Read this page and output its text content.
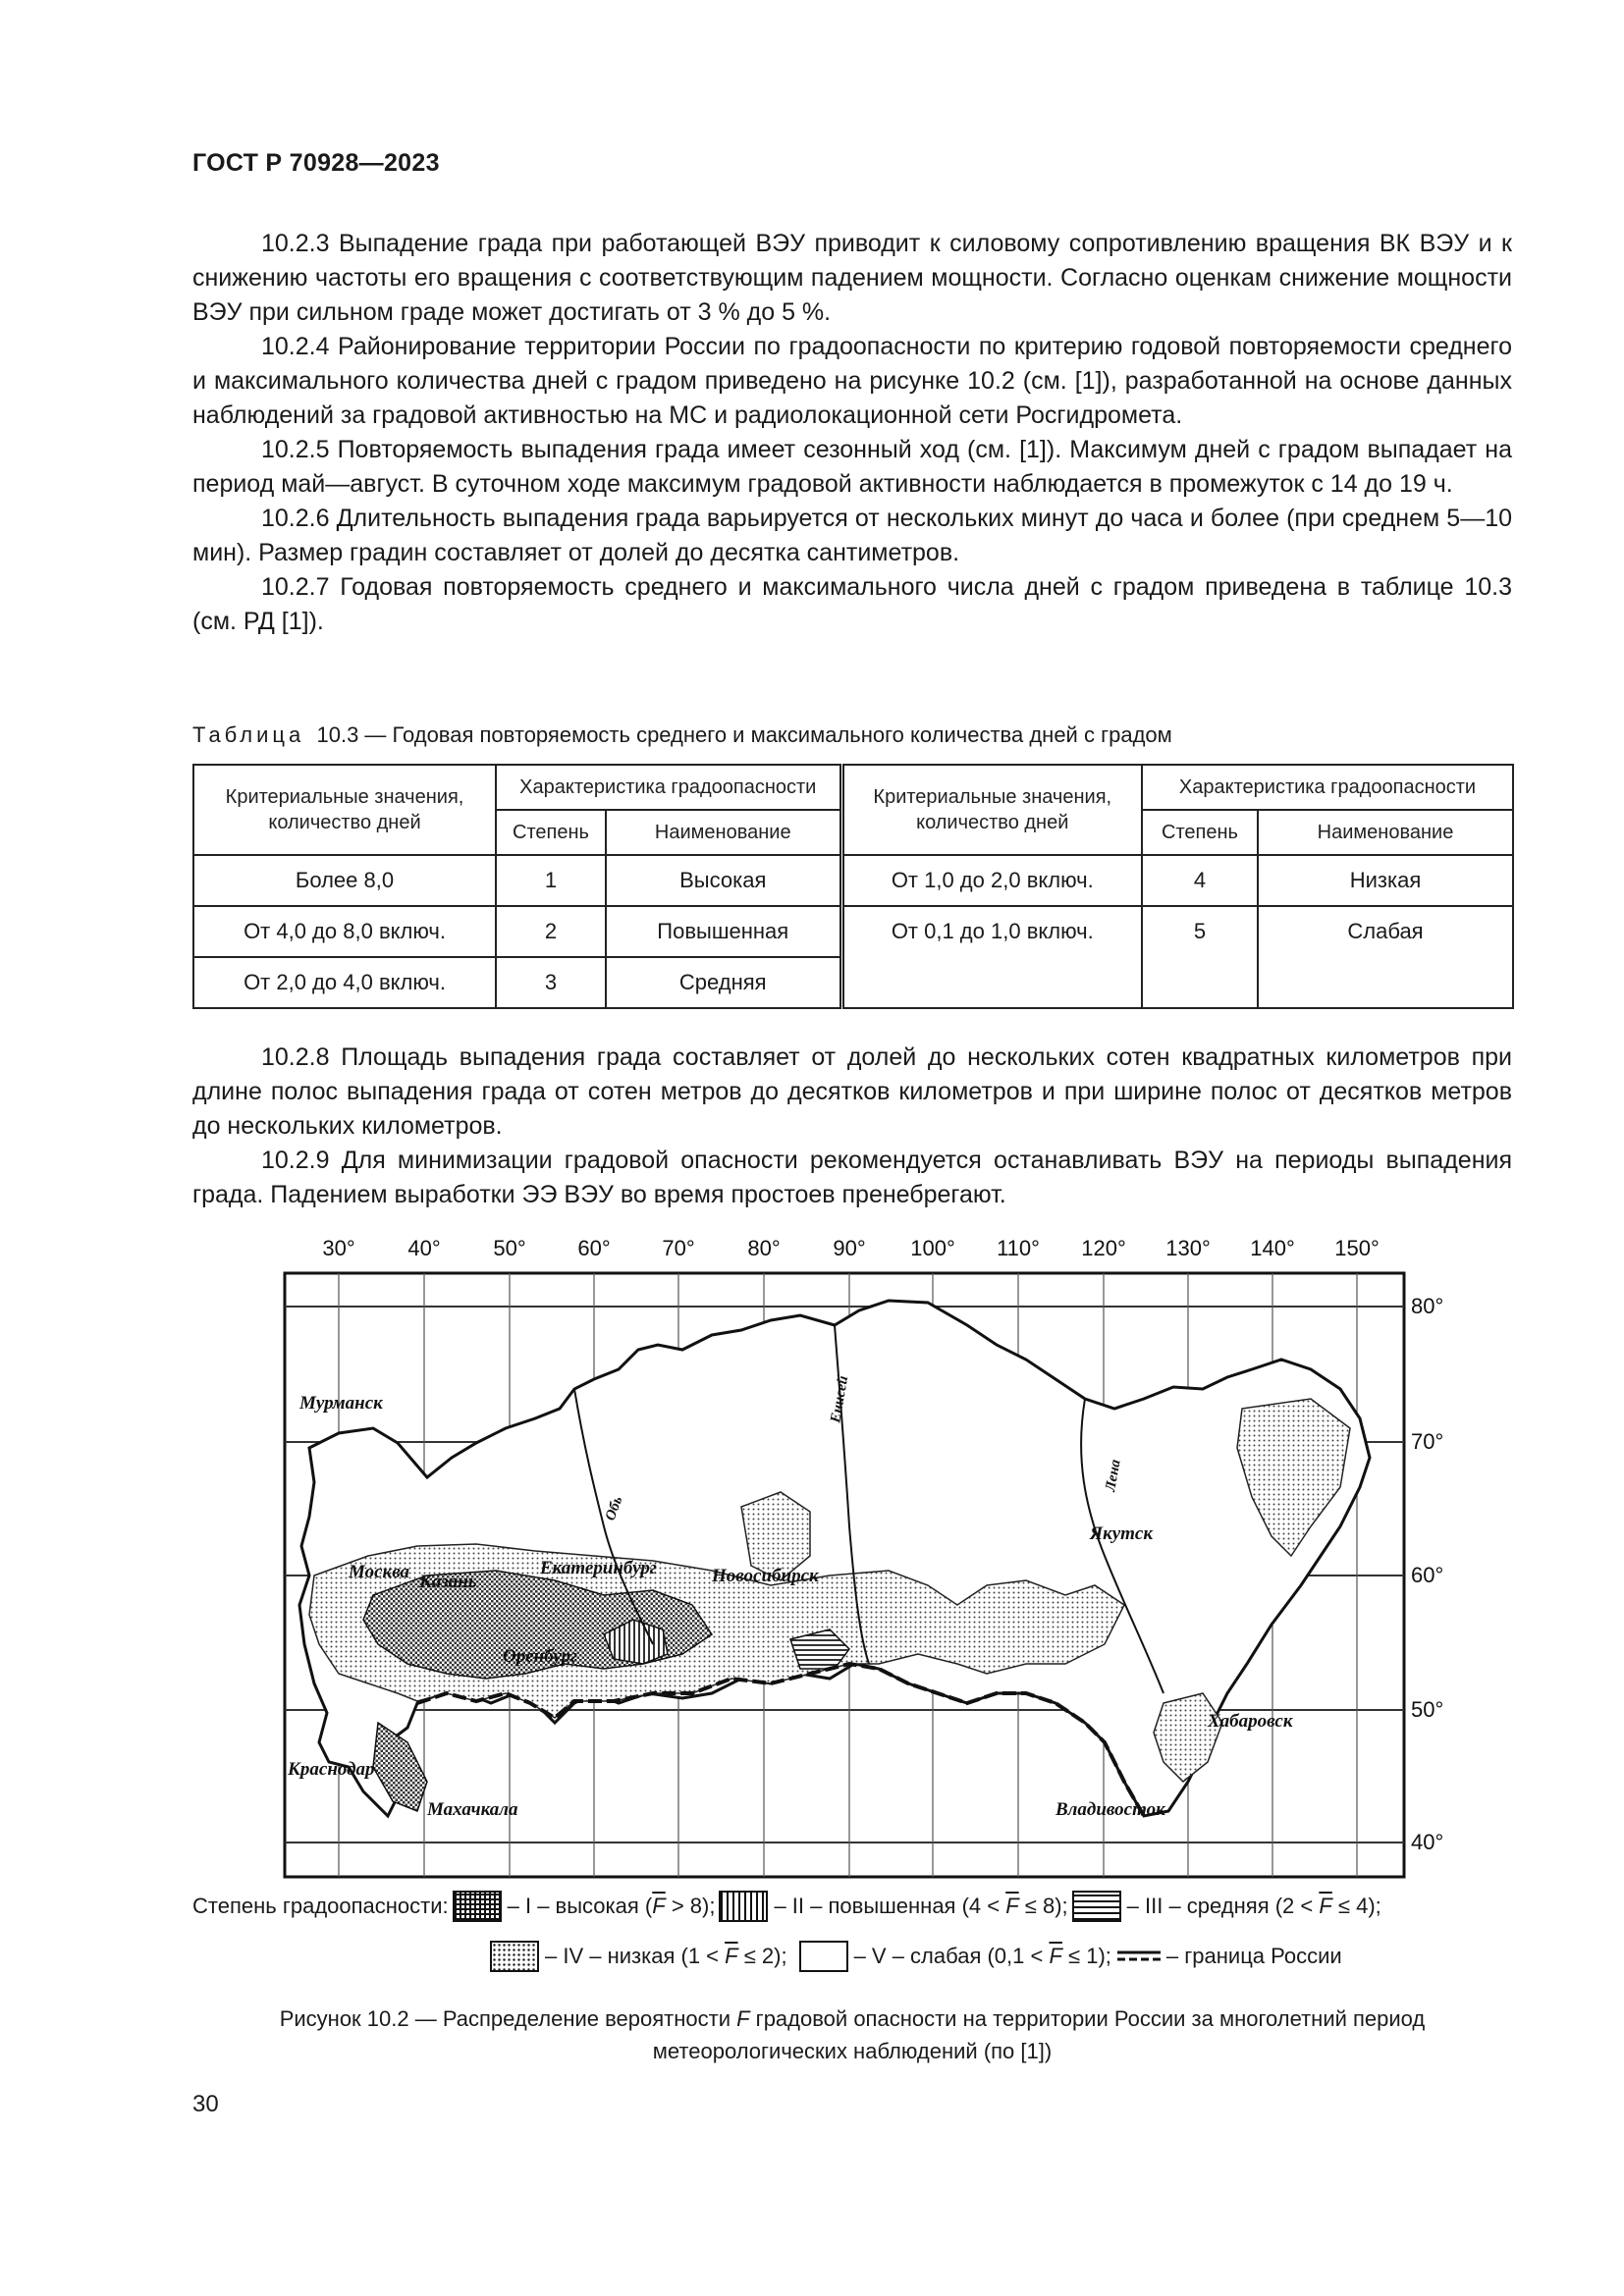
ГОСТ Р 70928—2023

10.2.3 Выпадение града при работающей ВЭУ приводит к силовому сопротивлению вращения ВК ВЭУ и к снижению частоты его вращения с соответствующим падением мощности. Согласно оценкам снижение мощности ВЭУ при сильном граде может достигать от 3 % до 5 %.

10.2.4 Районирование территории России по градоопасности по критерию годовой повторяемости среднего и максимального количества дней с градом приведено на рисунке 10.2 (см. [1]), разработанной на основе данных наблюдений за градовой активностью на МС и радиолокационной сети Росгидромета.

10.2.5 Повторяемость выпадения града имеет сезонный ход (см. [1]). Максимум дней с градом выпадает на период май—август. В суточном ходе максимум градовой активности наблюдается в промежуток с 14 до 19 ч.

10.2.6 Длительность выпадения града варьируется от нескольких минут до часа и более (при среднем 5—10 мин). Размер градин составляет от долей до десятка сантиметров.

10.2.7 Годовая повторяемость среднего и максимального числа дней с градом приведена в таблице 10.3 (см. РД [1]).

Таблица 10.3 — Годовая повторяемость среднего и максимального количества дней с градом
Критериальные значения, количество дней	Характеристика градоопасности		Критериальные значения, количество дней	Характеристика градоопасности	
	Степень	Наименование		Степень	Наименование
Более 8,0	1	Высокая	От 1,0 до 2,0 включ.	4	Низкая
От 4,0 до 8,0 включ.	2	Повышенная	От 0,1 до 1,0 включ.	5	Слабая
От 2,0 до 4,0 включ.	3	Средняя			

10.2.8 Площадь выпадения града составляет от долей до нескольких сотен квадратных километров при длине полос выпадения града от сотен метров до десятков километров и при ширине полос от десятков метров до нескольких километров.

10.2.9 Для минимизации градовой опасности рекомендуется останавливать ВЭУ на периоды выпадения града. Падением выработки ЭЭ ВЭУ во время простоев пренебрегают.

30° 40° 50° 60° 70° 80° 90° 100° 110° 120° 130° 140° 150°
80°
70°
60°
50°
40°
Мурманск
Москва Казань
Екатеринбург	Новосибирск
Оренбург
Краснодар
Махачкала
Якутск
Хабаровск
Владивосток
Обь
Енисей
Лена
Степень градоопасности:	– I – высокая $(\overline{F} > 8)$;	– II – повышенная $(4 < \overline{F} \le 8)$;	– III – средняя $(2 < \overline{F} \le 4)$;
– IV – низкая $(1 < \overline{F} \le 2)$;	– V – слабая $(0,1 < \overline{F} \le 1)$;	– граница России
Рисунок 10.2 — Распределение вероятности F градовой опасности на территории России за многолетний период
метеорологических наблюдений (по [1])
30
